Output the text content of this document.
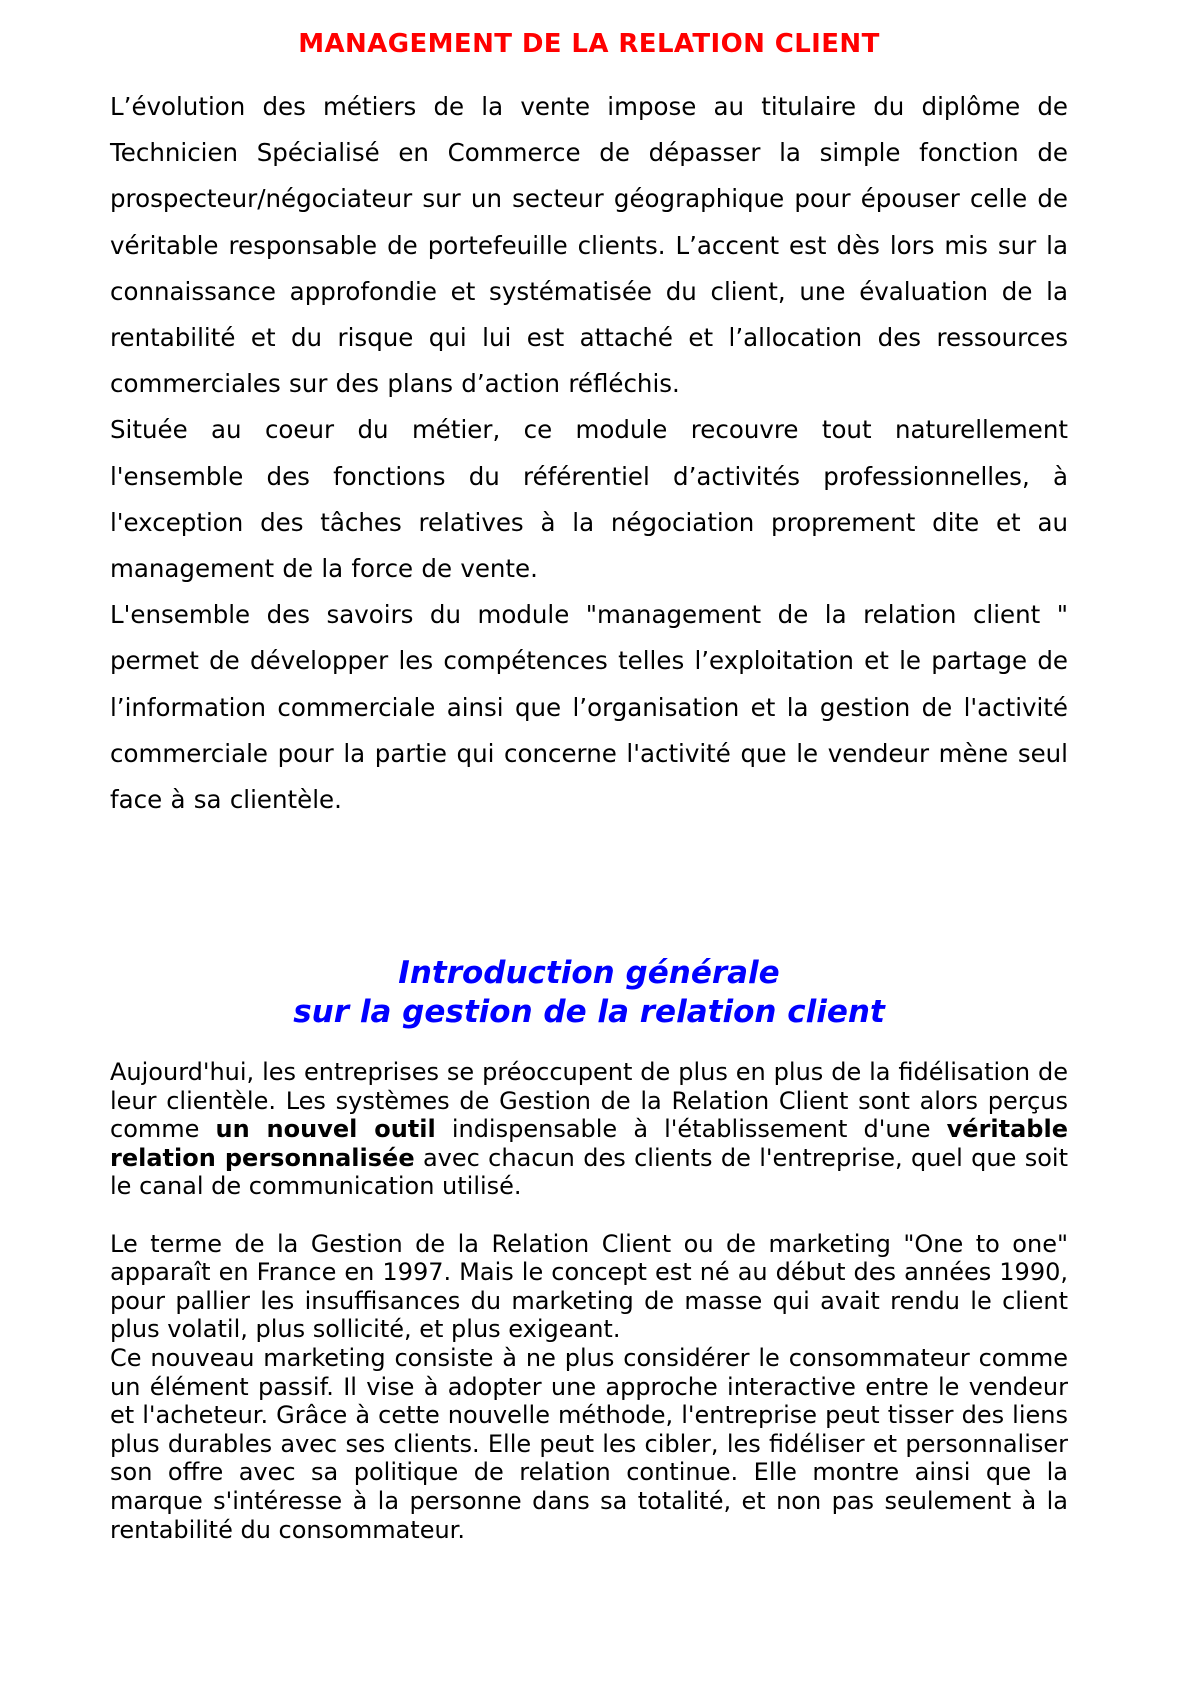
MANAGEMENT DE LA RELATION CLIENT

L’évolution des métiers de la vente impose au titulaire du diplôme de Technicien Spécialisé en Commerce de dépasser la simple fonction de prospecteur/négociateur sur un secteur géographique pour épouser celle de véritable responsable de portefeuille clients. L’accent est dès lors mis sur la connaissance approfondie et systématisée du client, une évaluation de la rentabilité et du risque qui lui est attaché et l’allocation des ressources commerciales sur des plans d’action réfléchis.

Située au coeur du métier, ce module recouvre tout naturellement l'ensemble des fonctions du référentiel d’activités professionnelles, à l'exception des tâches relatives à la négociation proprement dite et au management de la force de vente.

L'ensemble des savoirs du module "management de la relation client " permet de développer les compétences telles l’exploitation et le partage de l’information commerciale ainsi que l’organisation et la gestion de l'activité commerciale pour la partie qui concerne l'activité que le vendeur mène seul face à sa clientèle.

Introduction générale
sur la gestion de la relation client

Aujourd'hui, les entreprises se préoccupent de plus en plus de la fidélisation de leur clientèle. Les systèmes de Gestion de la Relation Client sont alors perçus comme un nouvel outil indispensable à l'établissement d'une véritable relation personnalisée avec chacun des clients de l'entreprise, quel que soit le canal de communication utilisé.

Le terme de la Gestion de la Relation Client ou de marketing "One to one" apparaît en France en 1997. Mais le concept est né au début des années 1990, pour pallier les insuffisances du marketing de masse qui avait rendu le client plus volatil, plus sollicité, et plus exigeant.

Ce nouveau marketing consiste à ne plus considérer le consommateur comme un élément passif. Il vise à adopter une approche interactive entre le vendeur et l'acheteur. Grâce à cette nouvelle méthode, l'entreprise peut tisser des liens plus durables avec ses clients. Elle peut les cibler, les fidéliser et personnaliser son offre avec sa politique de relation continue. Elle montre ainsi que la marque s'intéresse à la personne dans sa totalité, et non pas seulement à la rentabilité du consommateur.
